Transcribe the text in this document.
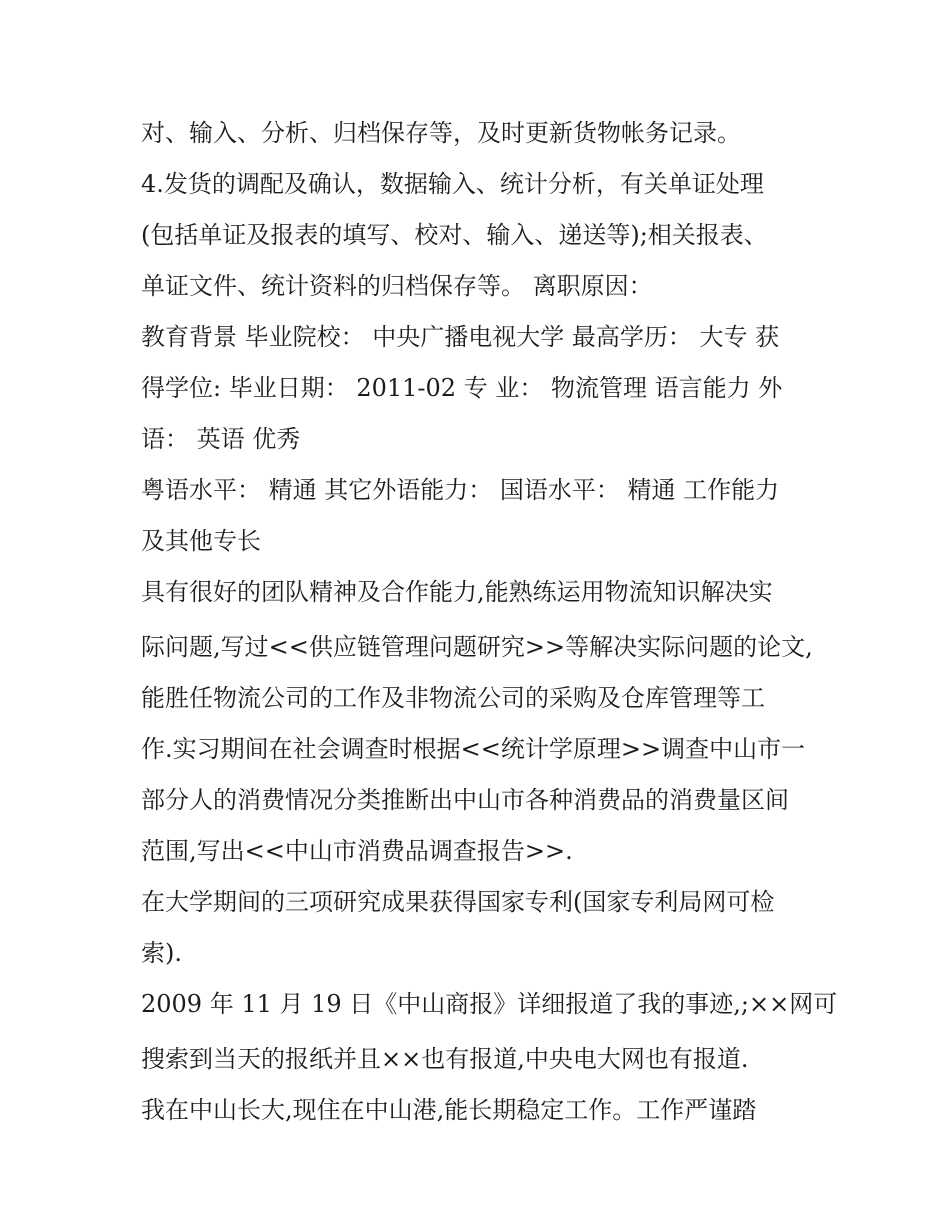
对、输入、分析、归档保存等，及时更新货物帐务记录。
4.发货的调配及确认，数据输入、统计分析，有关单证处理
(包括单证及报表的填写、校对、输入、递送等);相关报表、
单证文件、统计资料的归档保存等。 离职原因：
教育背景 毕业院校： 中央广播电视大学 最高学历： 大专 获
得学位: 毕业日期： 2011-02 专 业： 物流管理 语言能力 外
语： 英语 优秀
粤语水平： 精通 其它外语能力： 国语水平： 精通 工作能力
及其他专长
具有很好的团队精神及合作能力,能熟练运用物流知识解决实
际问题,写过<<供应链管理问题研究>>等解决实际问题的论文,
能胜任物流公司的工作及非物流公司的采购及仓库管理等工
作.实习期间在社会调查时根据<<统计学原理>>调查中山市一
部分人的消费情况分类推断出中山市各种消费品的消费量区间
范围,写出<<中山市消费品调查报告>>.
在大学期间的三项研究成果获得国家专利(国家专利局网可检
索).
2009 年 11 月 19 日《中山商报》详细报道了我的事迹,;××网可
搜索到当天的报纸并且××也有报道,中央电大网也有报道.
我在中山长大,现住在中山港,能长期稳定工作。工作严谨踏
